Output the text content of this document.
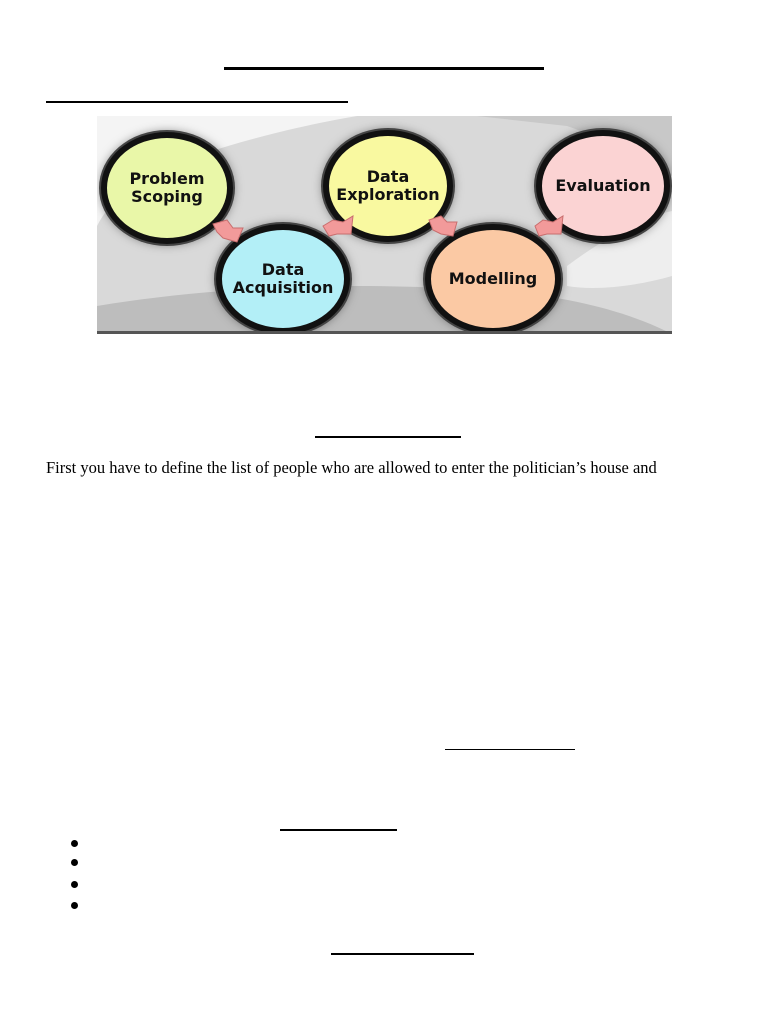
Problem
Scoping
Data
Acquisition
Data
Exploration
Modelling
Evaluation
First you have to define the list of people who are allowed to enter the politician’s house and
